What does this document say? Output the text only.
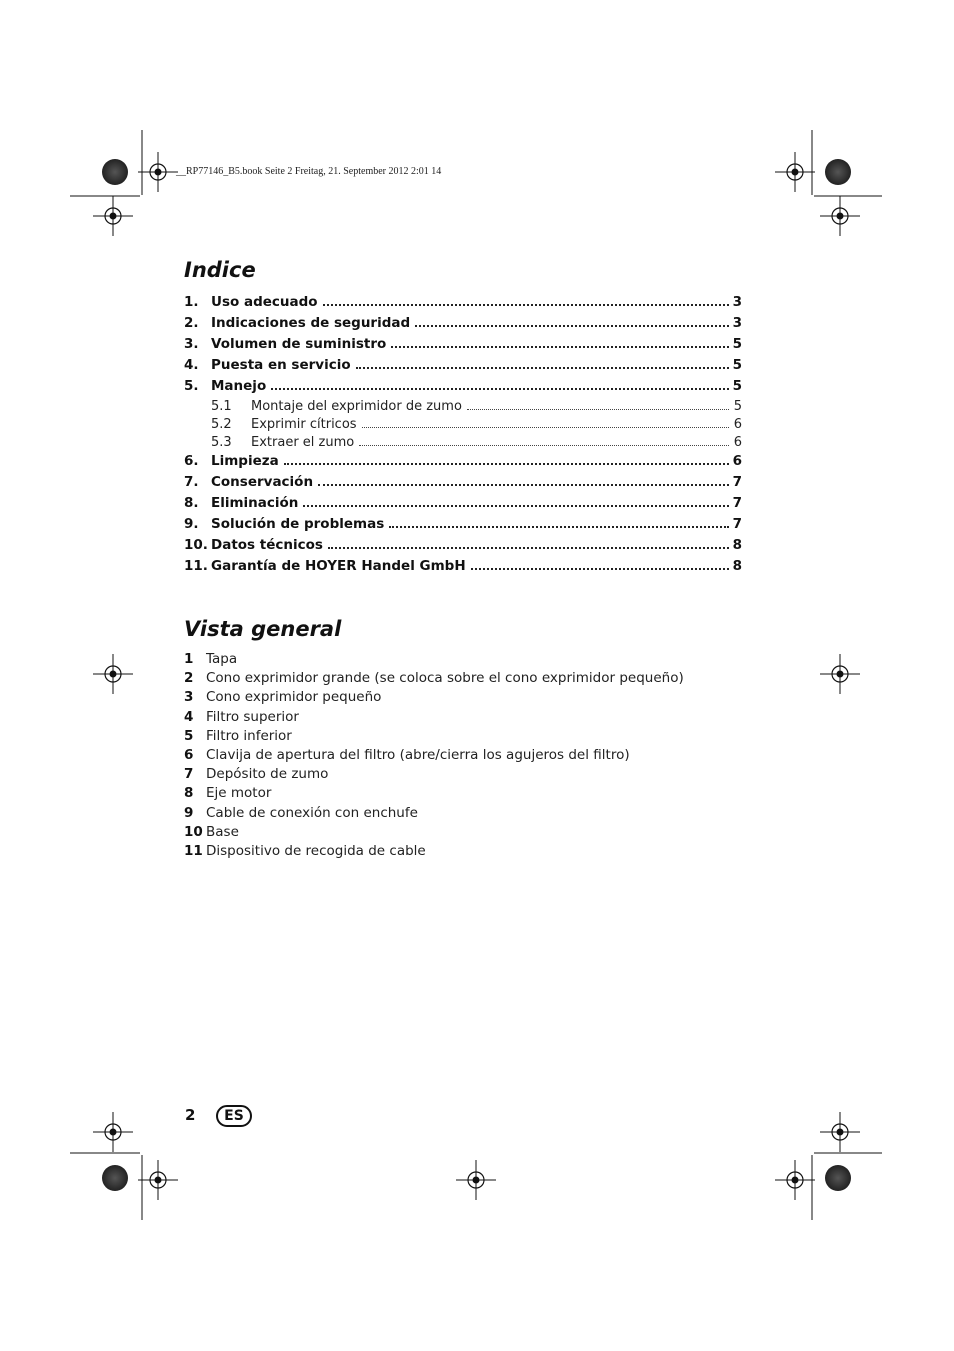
__RP77146_B5.book Seite 2 Freitag, 21. September 2012 2:01 14
Indice
1. Uso adecuado	3
2. Indicaciones de seguridad	3
3. Volumen de suministro	5
4. Puesta en servicio	5
5. Manejo	5
5.1	Montaje del exprimidor de zumo	5
5.2	Exprimir cítricos	6
5.3	Extraer el zumo	6
6. Limpieza	6
7. Conservación	7
8. Eliminación	7
9. Solución de problemas	7
10. Datos técnicos	8
11. Garantía de HOYER Handel GmbH	8
Vista general
1 Tapa
2 Cono exprimidor grande (se coloca sobre el cono exprimidor pequeño)
3 Cono exprimidor pequeño
4 Filtro superior
5 Filtro inferior
6 Clavija de apertura del filtro (abre/cierra los agujeros del filtro)
7 Depósito de zumo
8 Eje motor
9 Cable de conexión con enchufe
10 Base
11 Dispositivo de recogida de cable
2	ES
